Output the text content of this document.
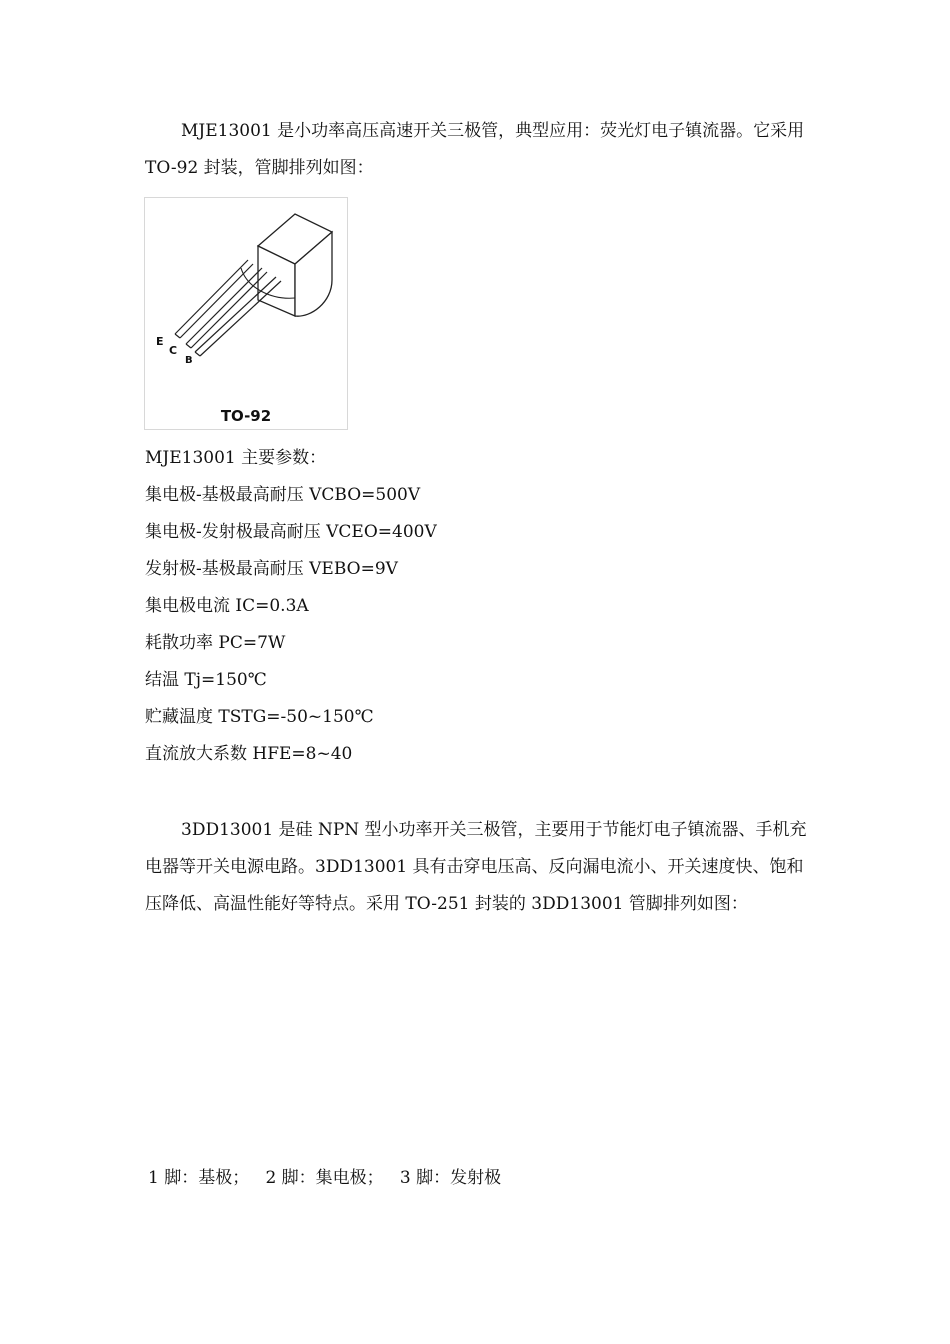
MJE13001 是小功率高压高速开关三极管，典型应用：荧光灯电子镇流器。它采用 TO-92 封装，管脚排列如图：

E
C
B
TO-92

MJE13001 主要参数：

集电极-基极最高耐压 VCBO=500V

集电极-发射极最高耐压 VCEO=400V

发射极-基极最高耐压 VEBO=9V

集电极电流 IC=0.3A

耗散功率 PC=7W

结温 Tj=150℃

贮藏温度 TSTG=-50~150℃

直流放大系数 HFE=8~40

3DD13001 是硅 NPN 型小功率开关三极管，主要用于节能灯电子镇流器、手机充电器等开关电源电路。3DD13001 具有击穿电压高、反向漏电流小、开关速度快、饱和压降低、高温性能好等特点。采用 TO-251 封装的 3DD13001 管脚排列如图：

1 脚：基极； 2 脚：集电极； 3 脚：发射极
